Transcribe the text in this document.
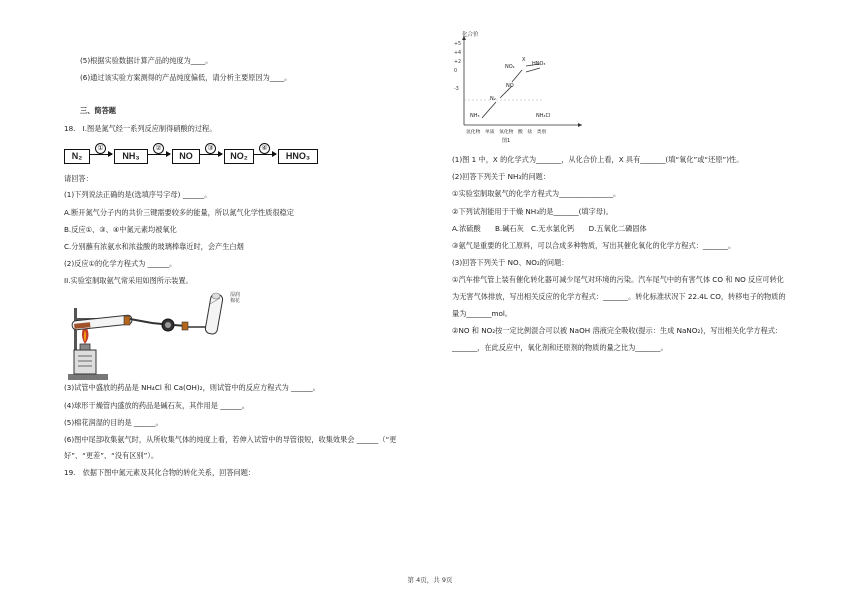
(5)根据实验数据计算产品的纯度为____。
(6)通过该实验方案测得的产品纯度偏低，请分析主要原因为____。
三、简答题
18.　I.图是氮气经一系列反应制得硝酸的过程。
N₂
①
NH₃
②
NO
③
NO₂
④
HNO₃
请回答：
(1)下列说法正确的是(选填序号字母) ______。
A.断开氮气分子内的共价三键需要较多的能量，所以氮气化学性质很稳定
B.反应①、③、④中氮元素均被氧化
C.分别蘸有浓氨水和浓盐酸的玻璃棒靠近时，会产生白烟
(2)反应①的化学方程式为 ______。
II.实验室制取氨气常采用如图所示装置。
湿润棉花
(3)试管中盛放的药品是 NH₄Cl 和 Ca(OH)₂，则试管中的反应方程式为 ______。
(4)球形干燥管内盛放的药品是碱石灰，其作用是 ______。
(5)棉花润湿的目的是 ______。
(6)图中尾部收集氨气时，从所收集气体的纯度上看，若伸入试管中的导管很短，收集效果会 ______（“更
好”、“更差”、“没有区别”）。
19.　依据下图中氮元素及其化合物的转化关系，回答问题：
化合价
+5
+4
+2
0
-3
X
HNO₃
NO₂
NO
N₂
NH₃	NH₄Cl
氢化物 单质 氧化物 酸 盐 类别
图1
(1)图 1 中，X 的化学式为_______，从化合价上看，X 具有_______(填“氧化”或“还原”)性。
(2)回答下列关于 NH₃的问题：
①实验室制取氨气的化学方程式为_______________。
②下列试剂能用于干燥 NH₃的是_______(填字母)。
A.浓硫酸　　B.碱石灰　C.无水氯化钙　　D.五氧化二磷固体
③氨气是重要的化工原料，可以合成多种物质，写出其催化氧化的化学方程式：_______。
(3)回答下列关于 NO、NO₂的问题：
①汽车排气管上装有催化转化器可减少尾气对环境的污染。汽车尾气中的有害气体 CO 和 NO 反应可转化
为无害气体排放，写出相关反应的化学方程式：_______。转化标准状况下 22.4L CO，转移电子的物质的
量为_______mol。
②NO 和 NO₂按一定比例混合可以被 NaOH 溶液完全吸收(提示：生成 NaNO₂)，写出相关化学方程式：
_______，在此反应中，氧化剂和还原剂的物质的量之比为_______。
第 4页，共 9页
